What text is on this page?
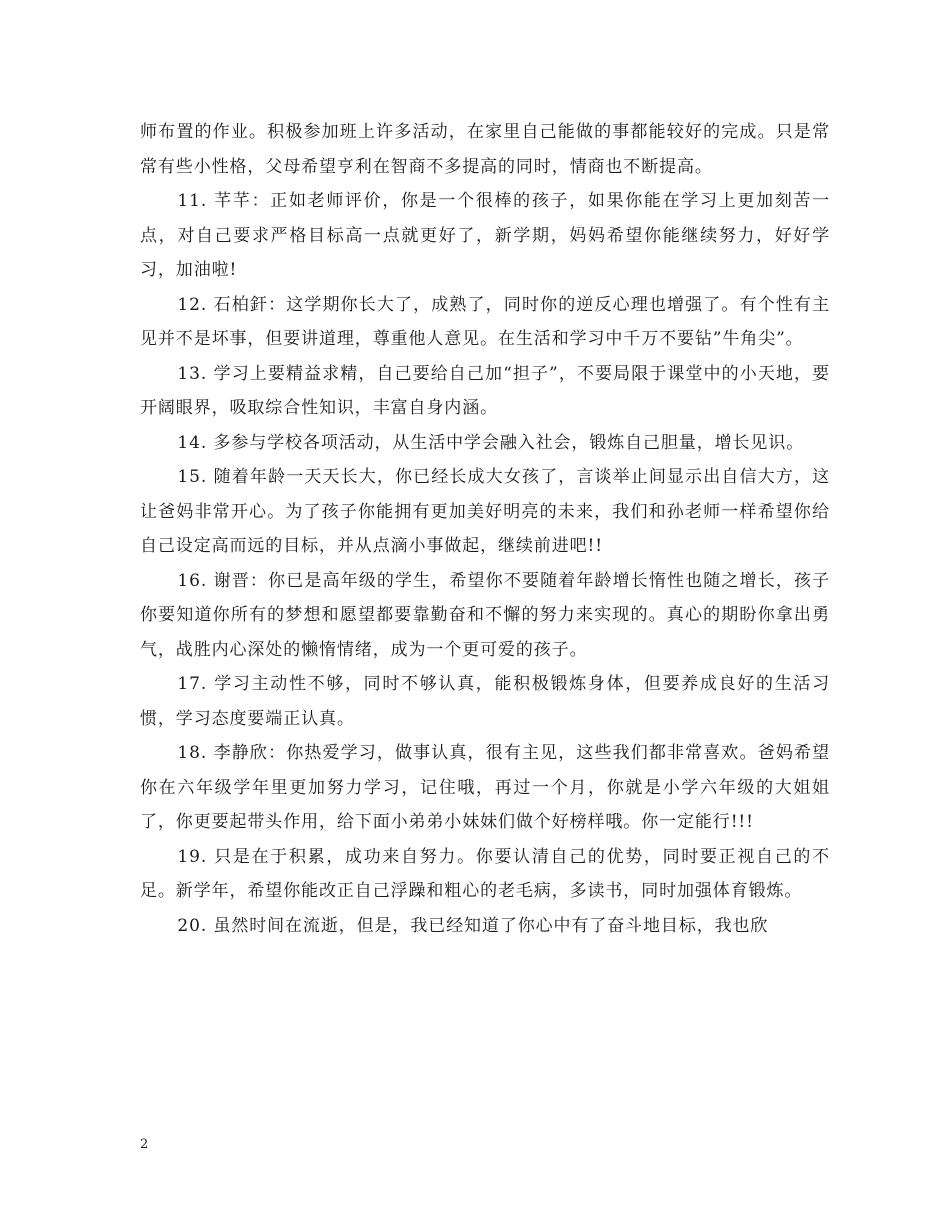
师布置的作业。积极参加班上许多活动，在家里自己能做的事都能较好的完成。只是常常有些小性格，父母希望亨利在智商不多提高的同时，情商也不断提高。

11. 芊芊：正如老师评价，你是一个很棒的孩子，如果你能在学习上更加刻苦一点，对自己要求严格目标高一点就更好了，新学期，妈妈希望你能继续努力，好好学习，加油啦!

12. 石柏釬：这学期你长大了，成熟了，同时你的逆反心理也增强了。有个性有主见并不是坏事，但要讲道理，尊重他人意见。在生活和学习中千万不要钻”牛角尖”。

13. 学习上要精益求精，自己要给自己加“担子”，不要局限于课堂中的小天地，要开阔眼界，吸取综合性知识，丰富自身内涵。

14. 多参与学校各项活动，从生活中学会融入社会，锻炼自己胆量，增长见识。

15. 随着年龄一天天长大，你已经长成大女孩了，言谈举止间显示出自信大方，这让爸妈非常开心。为了孩子你能拥有更加美好明亮的未来，我们和孙老师一样希望你给自己设定高而远的目标，并从点滴小事做起，继续前进吧!!

16. 谢晋：你已是高年级的学生，希望你不要随着年龄增长惰性也随之增长，孩子你要知道你所有的梦想和愿望都要靠勤奋和不懈的努力来实现的。真心的期盼你拿出勇气，战胜内心深处的懒惰情绪，成为一个更可爱的孩子。

17. 学习主动性不够，同时不够认真，能积极锻炼身体，但要养成良好的生活习惯，学习态度要端正认真。

18. 李静欣：你热爱学习，做事认真，很有主见，这些我们都非常喜欢。爸妈希望你在六年级学年里更加努力学习，记住哦，再过一个月，你就是小学六年级的大姐姐了，你更要起带头作用，给下面小弟弟小妹妹们做个好榜样哦。你一定能行!!!

19. 只是在于积累，成功来自努力。你要认清自己的优势，同时要正视自己的不足。新学年，希望你能改正自己浮躁和粗心的老毛病，多读书，同时加强体育锻炼。

20. 虽然时间在流逝，但是，我已经知道了你心中有了奋斗地目标，我也欣

2
